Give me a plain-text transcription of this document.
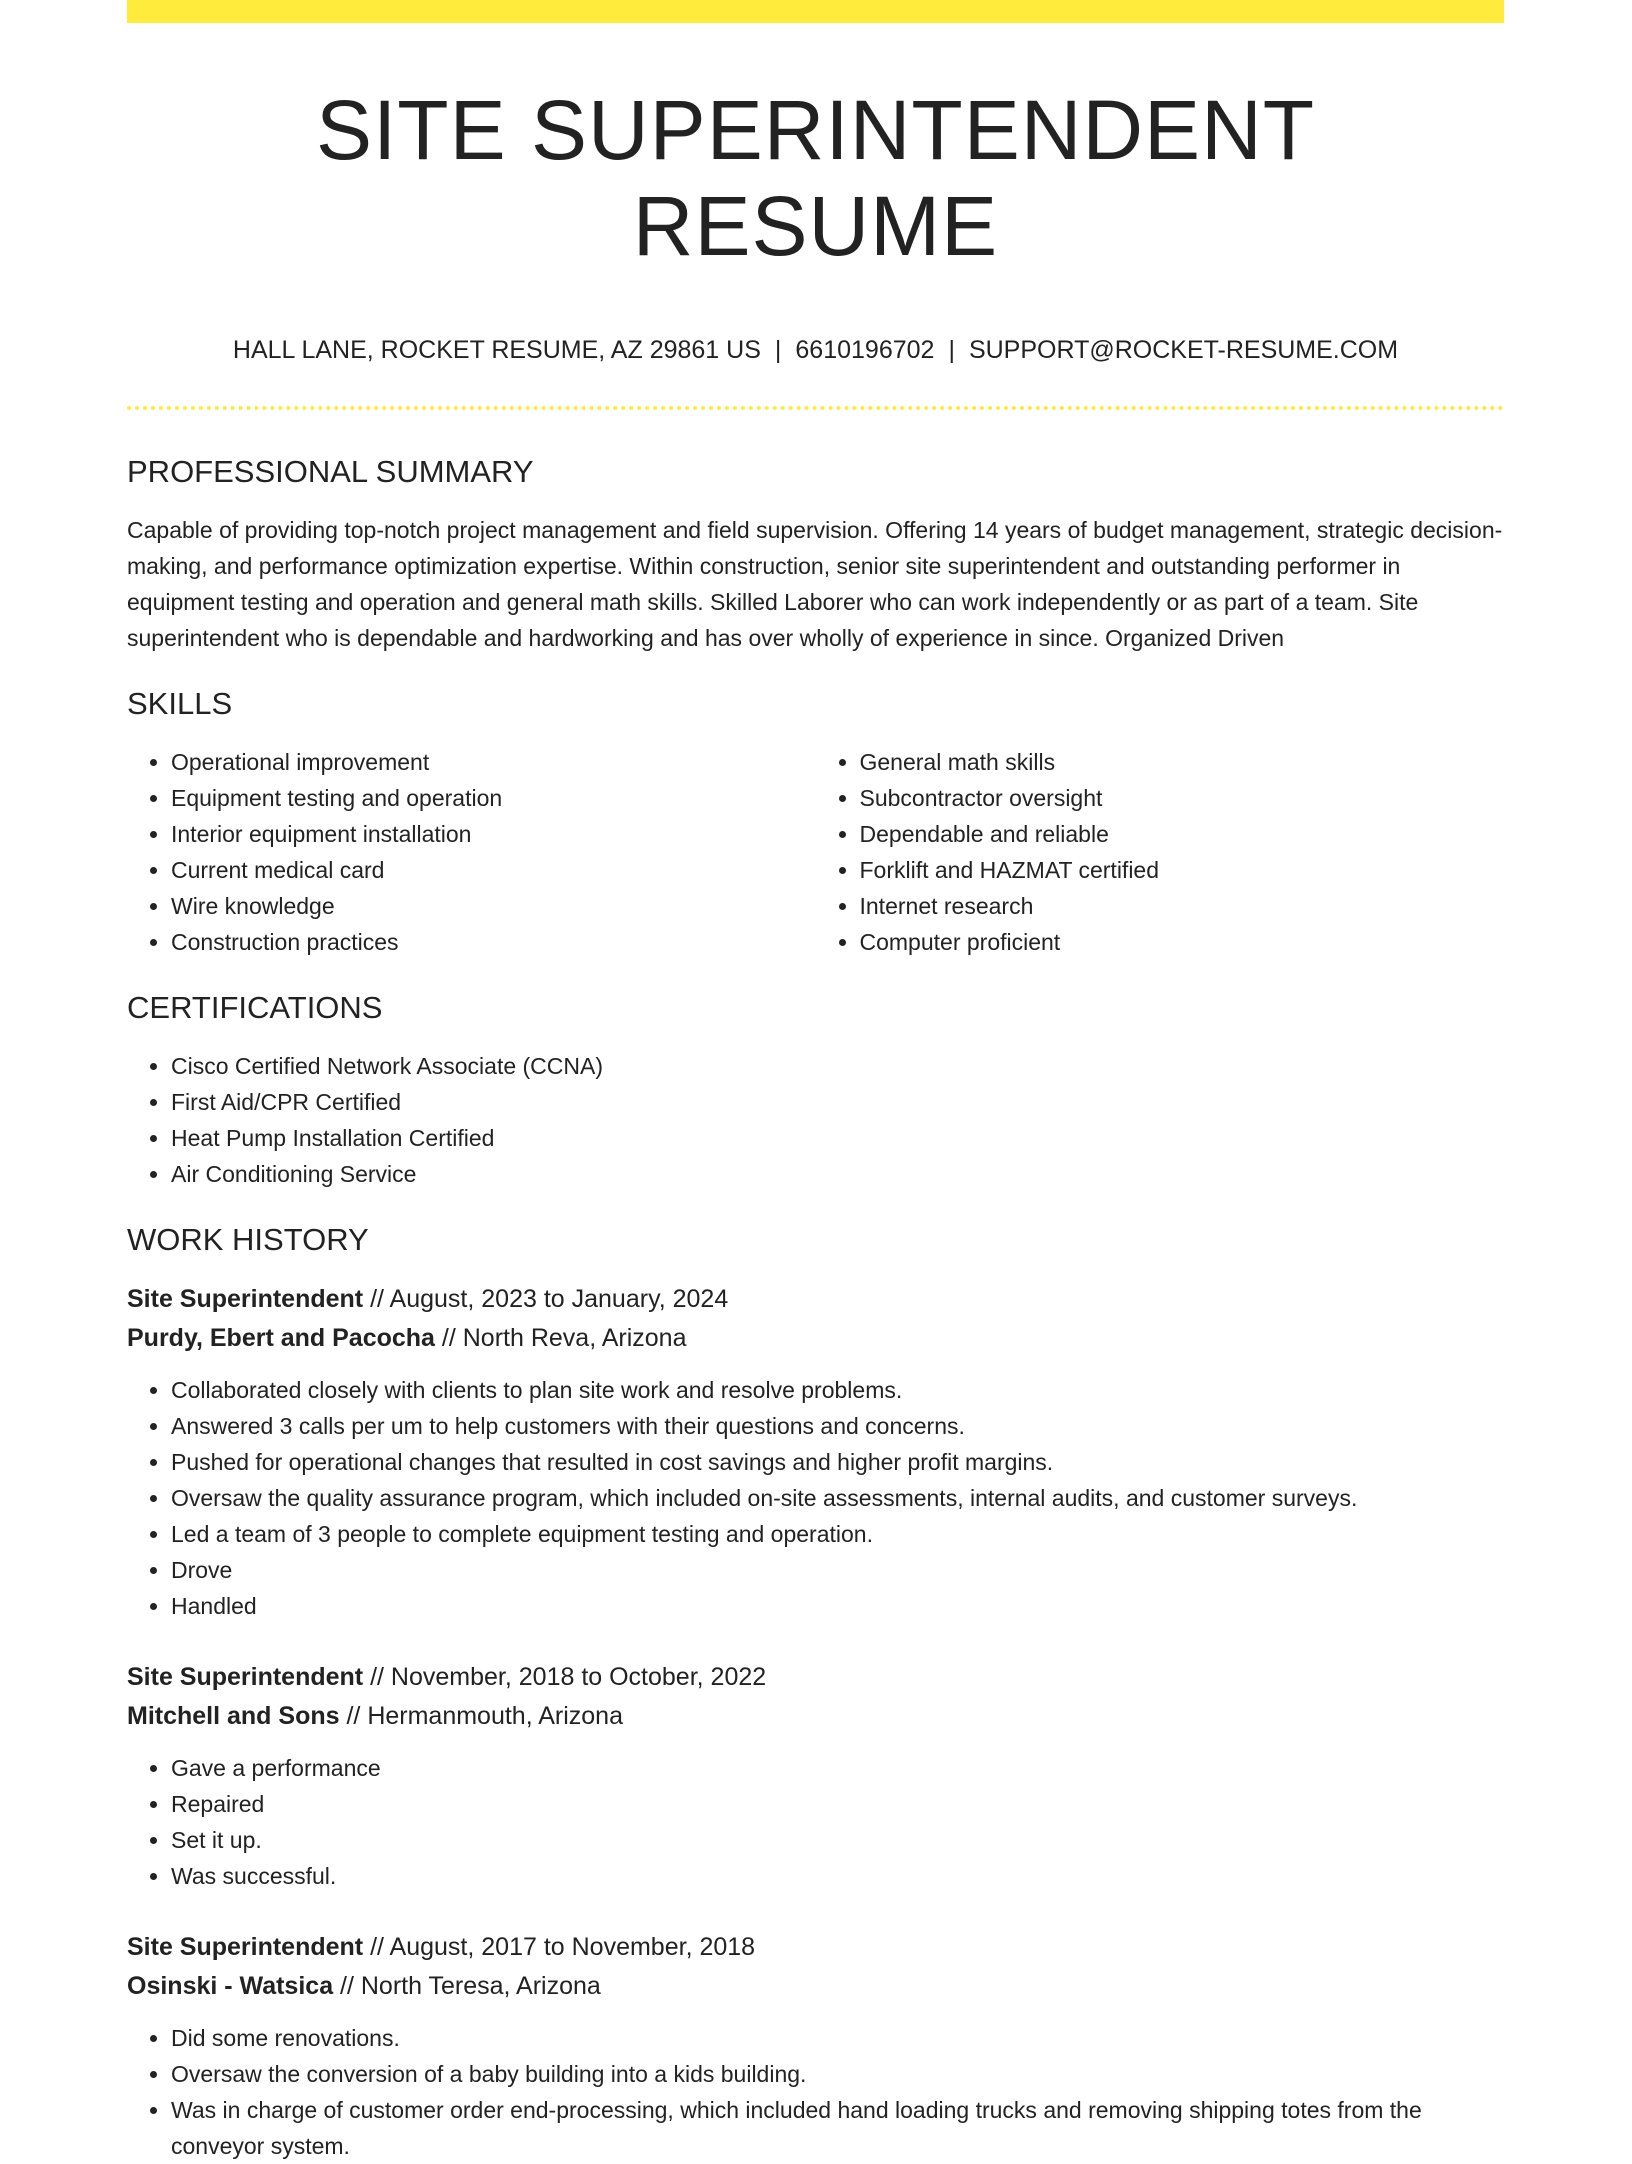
SITE SUPERINTENDENT RESUME
HALL LANE, ROCKET RESUME, AZ 29861 US | 6610196702 | SUPPORT@ROCKET-RESUME.COM
PROFESSIONAL SUMMARY

Capable of providing top-notch project management and field supervision. Offering 14 years of budget management, strategic decision-making, and performance optimization expertise. Within construction, senior site superintendent and outstanding performer in equipment testing and operation and general math skills. Skilled Laborer who can work independently or as part of a team. Site superintendent who is dependable and hardworking and has over wholly of experience in since. Organized Driven

SKILLS
• Operational improvement
• Equipment testing and operation
• Interior equipment installation
• Current medical card
• Wire knowledge
• Construction practices
• General math skills
• Subcontractor oversight
• Dependable and reliable
• Forklift and HAZMAT certified
• Internet research
• Computer proficient
CERTIFICATIONS
• Cisco Certified Network Associate (CCNA)
• First Aid/CPR Certified
• Heat Pump Installation Certified
• Air Conditioning Service
WORK HISTORY
Site Superintendent // August, 2023 to January, 2024
Purdy, Ebert and Pacocha // North Reva, Arizona
• Collaborated closely with clients to plan site work and resolve problems.
• Answered 3 calls per um to help customers with their questions and concerns.
• Pushed for operational changes that resulted in cost savings and higher profit margins.
• Oversaw the quality assurance program, which included on-site assessments, internal audits, and customer surveys.
• Led a team of 3 people to complete equipment testing and operation.
• Drove
• Handled
Site Superintendent // November, 2018 to October, 2022
Mitchell and Sons // Hermanmouth, Arizona
• Gave a performance
• Repaired
• Set it up.
• Was successful.
Site Superintendent // August, 2017 to November, 2018
Osinski - Watsica // North Teresa, Arizona
• Did some renovations.
• Oversaw the conversion of a baby building into a kids building.
• Was in charge of customer order end-processing, which included hand loading trucks and removing shipping totes from the conveyor system.
